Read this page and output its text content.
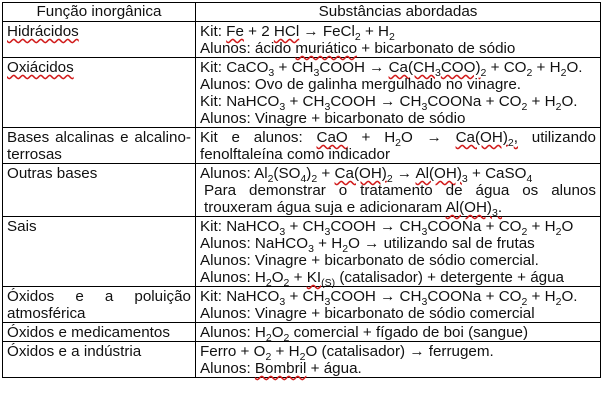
Função inorgânica	Substâncias abordadas
Hidrácidos	Kit: Fe + 2 HCl → FeCl$_2$ + $H_2$
Alunos: ácido muriático + bicarbonato de sódio

Oxiácidos	Kit: CaCO$_3$ + $CH_3COOH \to Ca(CH_3COO)_2 + CO_2 + H_2O$.
Alunos: Ovo de galinha mergulhado no vinagre.
Kit: NaHCO$_3$ + $CH_3COOH$ → $CH_3COONa + CO_2 + H_2O$.
Alunos: Vinagre + bicarbonato de sódio

Bases alcalinas e alcalino-terrosas	Kit e alunos: CaO + $H_2O \to Ca(OH)_2$, utilizando fenolftaleína como indicador

Outras bases	Alunos: $Al_2(SO_4)_2 + Ca(OH)_2 \to Al(OH)_3$ + CaSO$_4$
Para demonstrar o tratamento de água os alunos trouxeram água suja e adicionaram $Al(OH)_3$.

Sais	Kit: NaHCO$_3$ + $CH_3COOH$ → $CH_3COONa + CO_2 + H_2O$
Alunos: NaHCO$_3$ + $H_2O$ → utilizando sal de frutas
Alunos: Vinagre + bicarbonato de sódio comercial.
Alunos: $H_2O_2 + KI_{(S)}$ (catalisador) + detergente + água

Óxidos e a poluição atmosférica	Kit: NaHCO$_3$ + $CH_3COOH$ → $CH_3COONa + CO_2 + H_2O$.
Alunos: Vinagre + bicarbonato de sódio comercial

Óxidos e medicamentos	Alunos: $H_2O_2$ comercial + fígado de boi (sangue)

Óxidos e a indústria	Ferro + $O_2 + H_2O$ (catalisador) → ferrugem.
Alunos: Bombril + água.
